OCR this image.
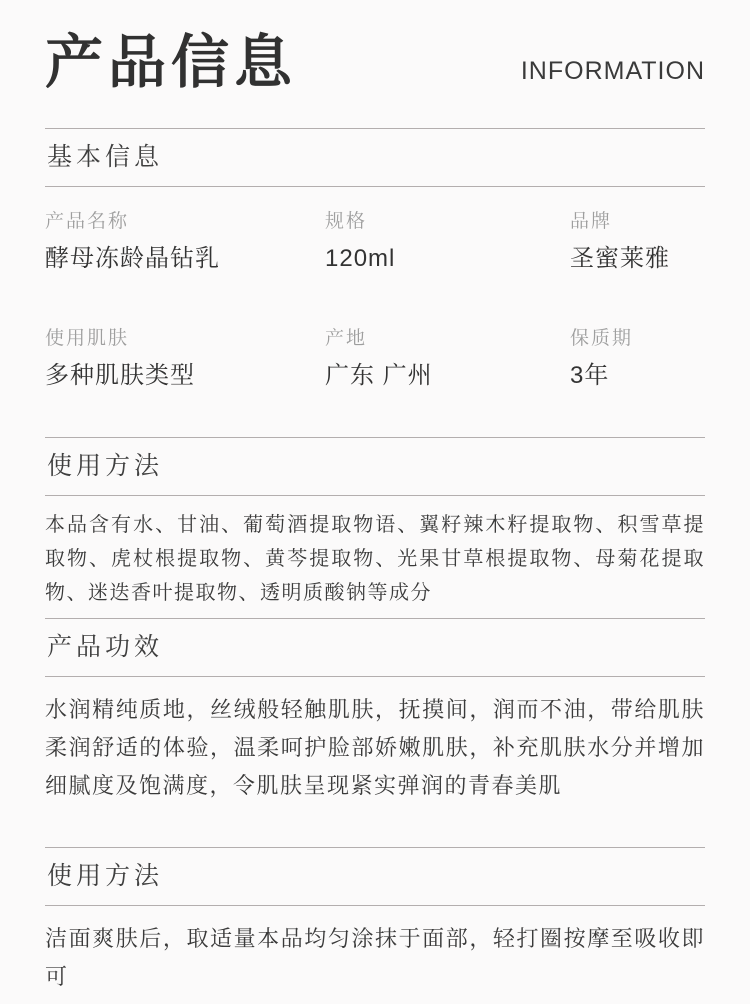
产品信息	INFORMATION
基本信息
产品名称
酵母冻龄晶钻乳
规格
120ml
品牌
圣蜜莱雅
使用肌肤
多种肌肤类型
产地
广东 广州
保质期
3年
使用方法
本品含有水、甘油、葡萄酒提取物语、翼籽辣木籽提取物、积雪草提取物、虎杖根提取物、黄芩提取物、光果甘草根提取物、母菊花提取物、迷迭香叶提取物、透明质酸钠等成分
产品功效
水润精纯质地，丝绒般轻触肌肤，抚摸间，润而不油，带给肌肤柔润舒适的体验，温柔呵护脸部娇嫩肌肤，补充肌肤水分并增加细腻度及饱满度，令肌肤呈现紧实弹润的青春美肌
使用方法
洁面爽肤后，取适量本品均匀涂抹于面部，轻打圈按摩至吸收即可
